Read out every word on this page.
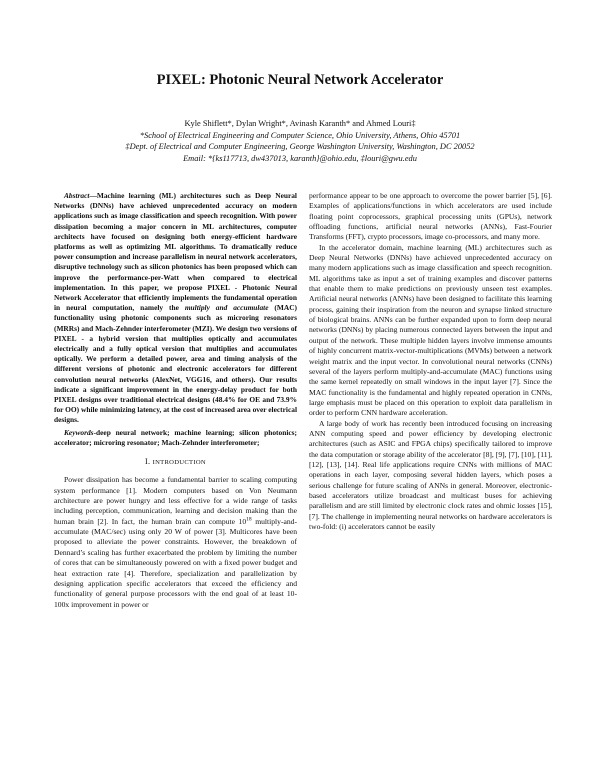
PIXEL: Photonic Neural Network Accelerator
Kyle Shiflett*, Dylan Wright*, Avinash Karanth* and Ahmed Louri‡
*School of Electrical Engineering and Computer Science, Ohio University, Athens, Ohio 45701
‡Dept. of Electrical and Computer Engineering, George Washington University, Washington, DC 20052
Email: *{ks117713, dw437013, karanth}@ohio.edu, ‡louri@gwu.edu

Abstract—Machine learning (ML) architectures such as Deep Neural Networks (DNNs) have achieved unprecedented accuracy on modern applications such as image classification and speech recognition. With power dissipation becoming a major concern in ML architectures, computer architects have focused on designing both energy-efficient hardware platforms as well as optimizing ML algorithms. To dramatically reduce power consumption and increase parallelism in neural network accelerators, disruptive technology such as silicon photonics has been proposed which can improve the performance-per-Watt when compared to electrical implementation. In this paper, we propose PIXEL - Photonic Neural Network Accelerator that efficiently implements the fundamental operation in neural computation, namely the multiply and accumulate (MAC) functionality using photonic components such as microring resonators (MRRs) and Mach-Zehnder interferometer (MZI). We design two versions of PIXEL - a hybrid version that multiplies optically and accumulates electrically and a fully optical version that multiplies and accumulates optically. We perform a detailed power, area and timing analysis of the different versions of photonic and electronic accelerators for different convolution neural networks (AlexNet, VGG16, and others). Our results indicate a significant improvement in the energy-delay product for both PIXEL designs over traditional electrical designs (48.4% for OE and 73.9% for OO) while minimizing latency, at the cost of increased area over electrical designs.

Keywords-deep neural network; machine learning; silicon photonics; accelerator; microring resonator; Mach-Zehnder interferometer;

I. INTRODUCTION

Power dissipation has become a fundamental barrier to scaling computing system performance [1]. Modern computers based on Von Neumann architecture are power hungry and less effective for a wide range of tasks including perception, communication, learning and decision making than the human brain [2]. In fact, the human brain can compute $10^{18}$ multiply-and-accumulate (MAC/sec) using only 20 W of power [3]. Multicores have been proposed to alleviate the power constraints. However, the breakdown of Dennard’s scaling has further exacerbated the problem by limiting the number of cores that can be simultaneously powered on with a fixed power budget and heat extraction rate [4]. Therefore, specialization and parallelization by designing application specific accelerators that exceed the efficiency and functionality of general purpose processors with the end goal of at least 10-100x improvement in power or

performance appear to be one approach to overcome the power barrier [5], [6]. Examples of applications/functions in which accelerators are used include floating point coprocessors, graphical processing units (GPUs), network offloading functions, artificial neural networks (ANNs), Fast-Fourier Transforms (FFT), crypto processors, image co-processors, and many more.

In the accelerator domain, machine learning (ML) architectures such as Deep Neural Networks (DNNs) have achieved unprecedented accuracy on many modern applications such as image classification and speech recognition. ML algorithms take as input a set of training examples and discover patterns that enable them to make predictions on previously unseen test examples. Artificial neural networks (ANNs) have been designed to facilitate this learning process, gaining their inspiration from the neuron and synapse linked structure of biological brains. ANNs can be further expanded upon to form deep neural networks (DNNs) by placing numerous connected layers between the input and output of the network. These multiple hidden layers involve immense amounts of highly concurrent matrix-vector-multiplications (MVMs) between a network weight matrix and the input vector. In convolutional neural networks (CNNs) several of the layers perform multiply-and-accumulate (MAC) functions using the same kernel repeatedly on small windows in the input layer [7]. Since the MAC functionality is the fundamental and highly repeated operation in CNNs, large emphasis must be placed on this operation to exploit data parallelism in order to perform CNN hardware acceleration.

A large body of work has recently been introduced focusing on increasing ANN computing speed and power efficiency by developing electronic architectures (such as ASIC and FPGA chips) specifically tailored to improve the data computation or storage ability of the accelerator [8], [9], [7], [10], [11], [12], [13], [14]. Real life applications require CNNs with millions of MAC operations in each layer, composing several hidden layers, which poses a serious challenge for future scaling of ANNs in general. Moreover, electronic-based accelerators utilize broadcast and multicast buses for achieving parallelism and are still limited by electronic clock rates and ohmic losses [15], [7]. The challenge in implementing neural networks on hardware accelerators is two-fold: (i) accelerators cannot be easily
